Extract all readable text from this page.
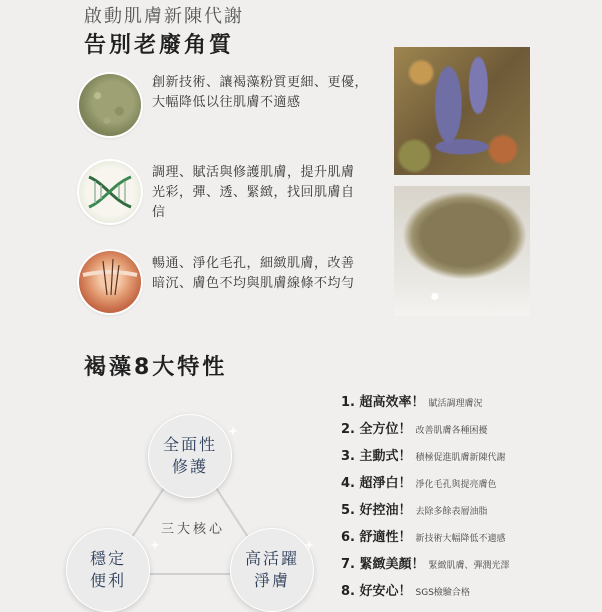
啟動肌膚新陳代謝
告別老廢角質
創新技術、讓褐藻粉質更細、更優，
大幅降低以往肌膚不適感
調理、賦活與修護肌膚，提升肌膚
光彩，彈、透、緊緻，找回肌膚自
信
暢通、淨化毛孔，細緻肌膚，改善
暗沉、膚色不均與肌膚線條不均勻
褐藻8大特性
全面性
修護
穩定
便利
高活躍
淨膚
三大核心
1. 超高效率！ 賦活調理膚況
2. 全方位！ 改善肌膚各種困擾
3. 主動式！ 積極促進肌膚新陳代謝
4. 超淨白！ 淨化毛孔與提亮膚色
5. 好控油！ 去除多餘表層油脂
6. 舒適性！ 新技術大幅降低不適感
7. 緊緻美顏！ 緊緻肌膚、彈潤光澤
8. 好安心！ SGS檢驗合格
